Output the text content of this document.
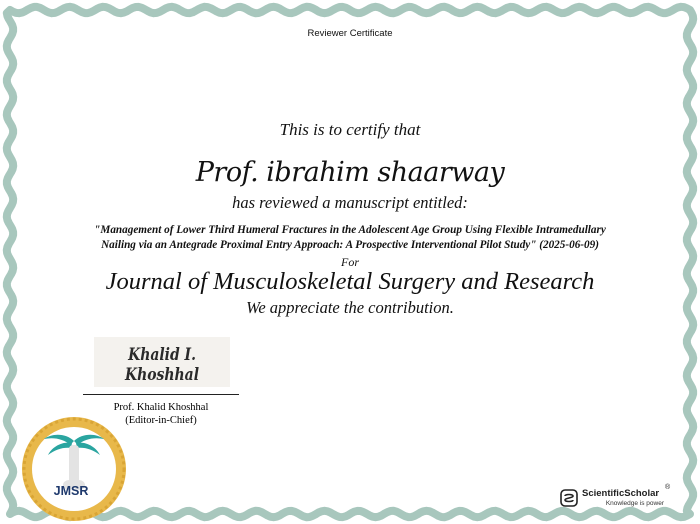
Reviewer Certificate
This is to certify that
Prof. ibrahim shaarway
has reviewed a manuscript entitled:
"Management of Lower Third Humeral Fractures in the Adolescent Age Group Using Flexible Intramedullary
Nailing via an Antegrade Proximal Entry Approach: A Prospective Interventional Pilot Study" (2025-06-09)
For
Journal of Musculoskeletal Surgery and Research
We appreciate the contribution.
Khalid I. Khoshhal
Prof. Khalid Khoshhal
(Editor-in-Chief)
JMSR	ScientificScholar
®
Knowledge is power
